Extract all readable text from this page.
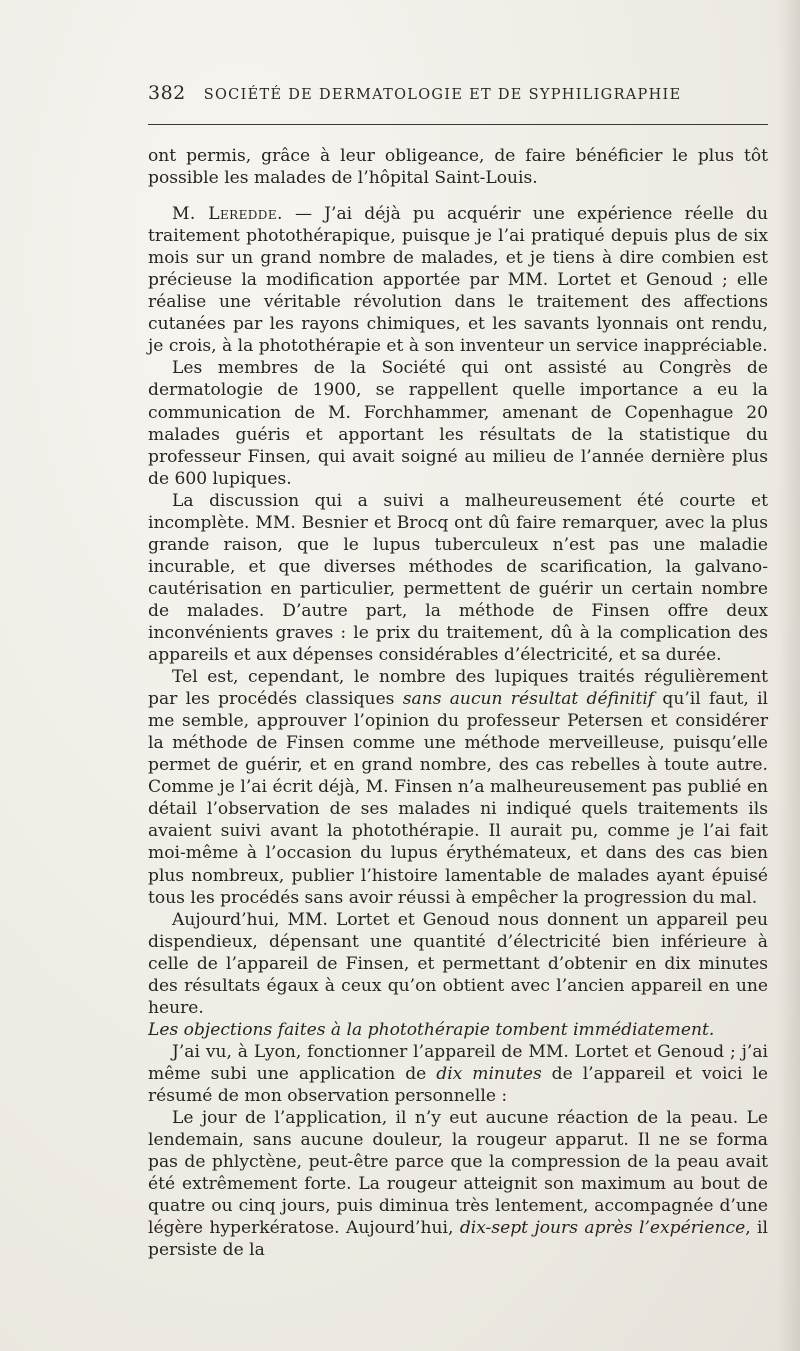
382 SOCIÉTÉ DE DERMATOLOGIE ET DE SYPHILIGRAPHIE

ont permis, grâce à leur obligeance, de faire bénéficier le plus tôt possible les malades de l’hôpital Saint-Louis.

M. Leredde. — J’ai déjà pu acquérir une expérience réelle du traitement photothérapique, puisque je l’ai pratiqué depuis plus de six mois sur un grand nombre de malades, et je tiens à dire combien est précieuse la modification apportée par MM. Lortet et Genoud ; elle réalise une véritable révolution dans le traitement des affections cutanées par les rayons chimiques, et les savants lyonnais ont rendu, je crois, à la photothérapie et à son inventeur un service inappréciable.

Les membres de la Société qui ont assisté au Congrès de dermatologie de 1900, se rappellent quelle importance a eu la communication de M. Forchhammer, amenant de Copenhague 20 malades guéris et apportant les résultats de la statistique du professeur Finsen, qui avait soigné au milieu de l’année dernière plus de 600 lupiques.

La discussion qui a suivi a malheureusement été courte et incomplète. MM. Besnier et Brocq ont dû faire remarquer, avec la plus grande raison, que le lupus tuberculeux n’est pas une maladie incurable, et que diverses méthodes de scarification, la galvano-cautérisation en particulier, permettent de guérir un certain nombre de malades. D’autre part, la méthode de Finsen offre deux inconvénients graves : le prix du traitement, dû à la complication des appareils et aux dépenses considérables d’électricité, et sa durée.

Tel est, cependant, le nombre des lupiques traités régulièrement par les procédés classiques sans aucun résultat définitif qu’il faut, il me semble, approuver l’opinion du professeur Petersen et considérer la méthode de Finsen comme une méthode merveilleuse, puisqu’elle permet de guérir, et en grand nombre, des cas rebelles à toute autre. Comme je l’ai écrit déjà, M. Finsen n’a malheureusement pas publié en détail l’observation de ses malades ni indiqué quels traitements ils avaient suivi avant la photothérapie. Il aurait pu, comme je l’ai fait moi-même à l’occasion du lupus érythémateux, et dans des cas bien plus nombreux, publier l’histoire lamentable de malades ayant épuisé tous les procédés sans avoir réussi à empêcher la progression du mal.

Aujourd’hui, MM. Lortet et Genoud nous donnent un appareil peu dispendieux, dépensant une quantité d’électricité bien inférieure à celle de l’appareil de Finsen, et permettant d’obtenir en dix minutes des résultats égaux à ceux qu’on obtient avec l’ancien appareil en une heure.

Les objections faites à la photothérapie tombent immédiatement.

J’ai vu, à Lyon, fonctionner l’appareil de MM. Lortet et Genoud ; j’ai même subi une application de dix minutes de l’appareil et voici le résumé de mon observation personnelle :

Le jour de l’application, il n’y eut aucune réaction de la peau. Le lendemain, sans aucune douleur, la rougeur apparut. Il ne se forma pas de phlyctène, peut-être parce que la compression de la peau avait été extrêmement forte. La rougeur atteignit son maximum au bout de quatre ou cinq jours, puis diminua très lentement, accompagnée d’une légère hyperkératose. Aujourd’hui, dix-sept jours après l’expérience, il persiste de la
